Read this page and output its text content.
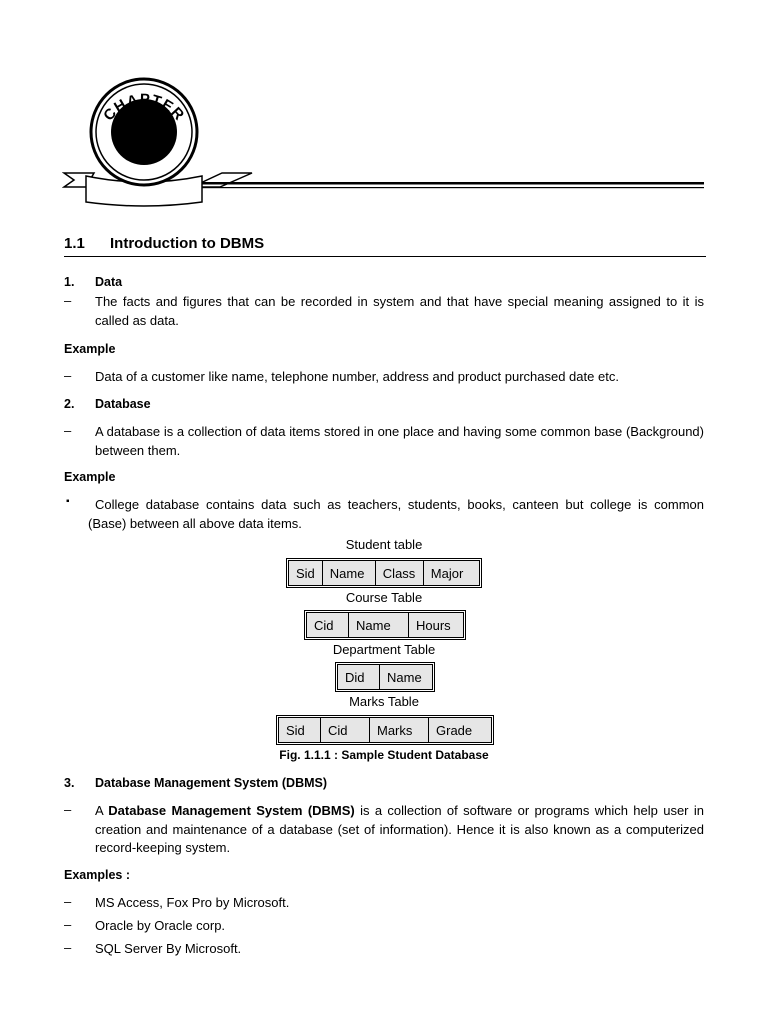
CHAPTER
1.1 Introduction to DBMS
1. Data
– The facts and figures that can be recorded in system and that have special meaning assigned to it is called as data.
Example
– Data of a customer like name, telephone number, address and product purchased date etc.
2. Database
– A database is a collection of data items stored in one place and having some common base (Background) between them.
Example
▪	College database contains data such as teachers, students, books, canteen but college is common (Base) between all above data items.
Student table
Sid	Name	Class	Major
Course Table
Cid	Name	Hours
Department Table
Did	Name
Marks Table
Sid	Cid	Marks	Grade
Fig. 1.1.1 : Sample Student Database
3. Database Management System (DBMS)
– A Database Management System (DBMS) is a collection of software or programs which help user in creation and maintenance of a database (set of information). Hence it is also known as a computerized record-keeping system.
Examples :
– MS Access, Fox Pro by Microsoft.
– Oracle by Oracle corp.
– SQL Server By Microsoft.
